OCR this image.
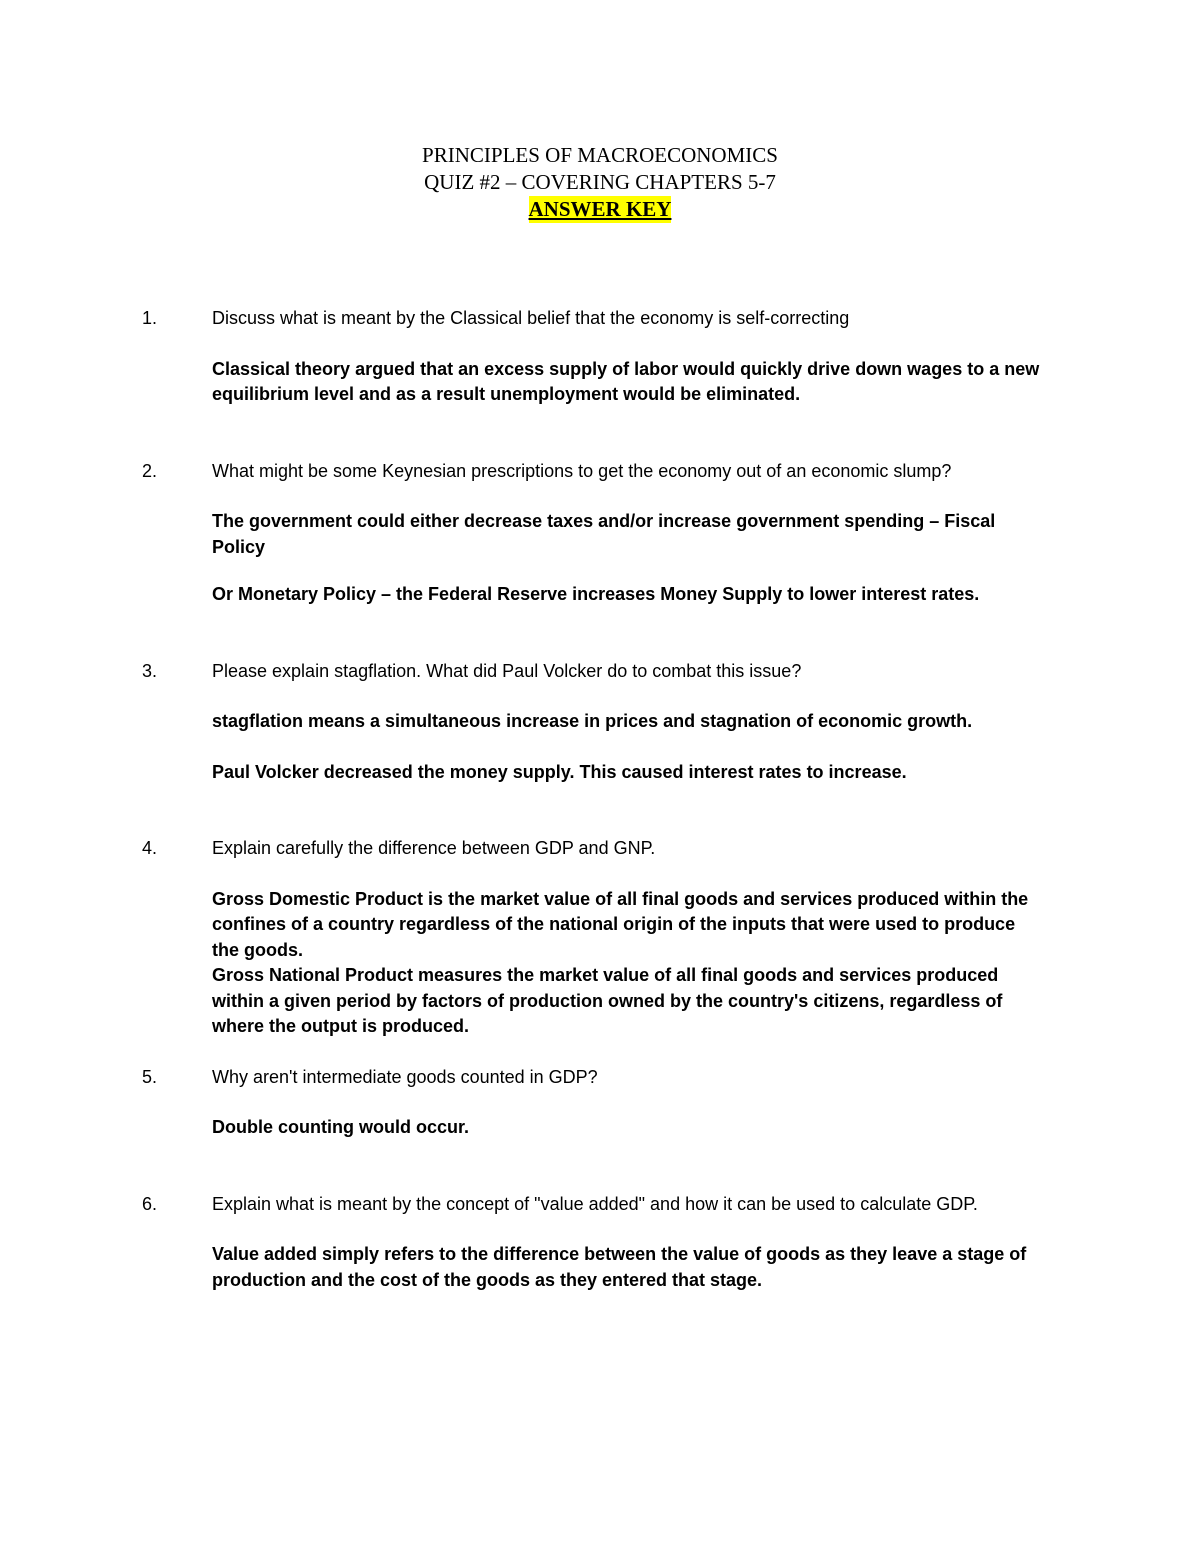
PRINCIPLES OF MACROECONOMICS
QUIZ #2 – COVERING CHAPTERS 5-7
ANSWER KEY
1.	Discuss what is meant by the Classical belief that the economy is self-correcting
Classical theory argued that an excess supply of labor would quickly drive down wages to a new equilibrium level and as a result unemployment would be eliminated.
2.	What might be some Keynesian prescriptions to get the economy out of an economic slump?
The government could either decrease taxes and/or increase government spending – Fiscal Policy
Or Monetary Policy – the Federal Reserve increases Money Supply to lower interest rates.
3.	Please explain stagflation. What did Paul Volcker do to combat this issue?
stagflation means a simultaneous increase in prices and stagnation of economic growth.
Paul Volcker decreased the money supply. This caused interest rates to increase.
4.	Explain carefully the difference between GDP and GNP.
Gross Domestic Product is the market value of all final goods and services produced within the confines of a country regardless of the national origin of the inputs that were used to produce the goods.
Gross National Product measures the market value of all final goods and services produced within a given period by factors of production owned by the country's citizens, regardless of where the output is produced.
5.	Why aren't intermediate goods counted in GDP?
Double counting would occur.
6.	Explain what is meant by the concept of "value added" and how it can be used to calculate GDP.
Value added simply refers to the difference between the value of goods as they leave a stage of production and the cost of the goods as they entered that stage.
